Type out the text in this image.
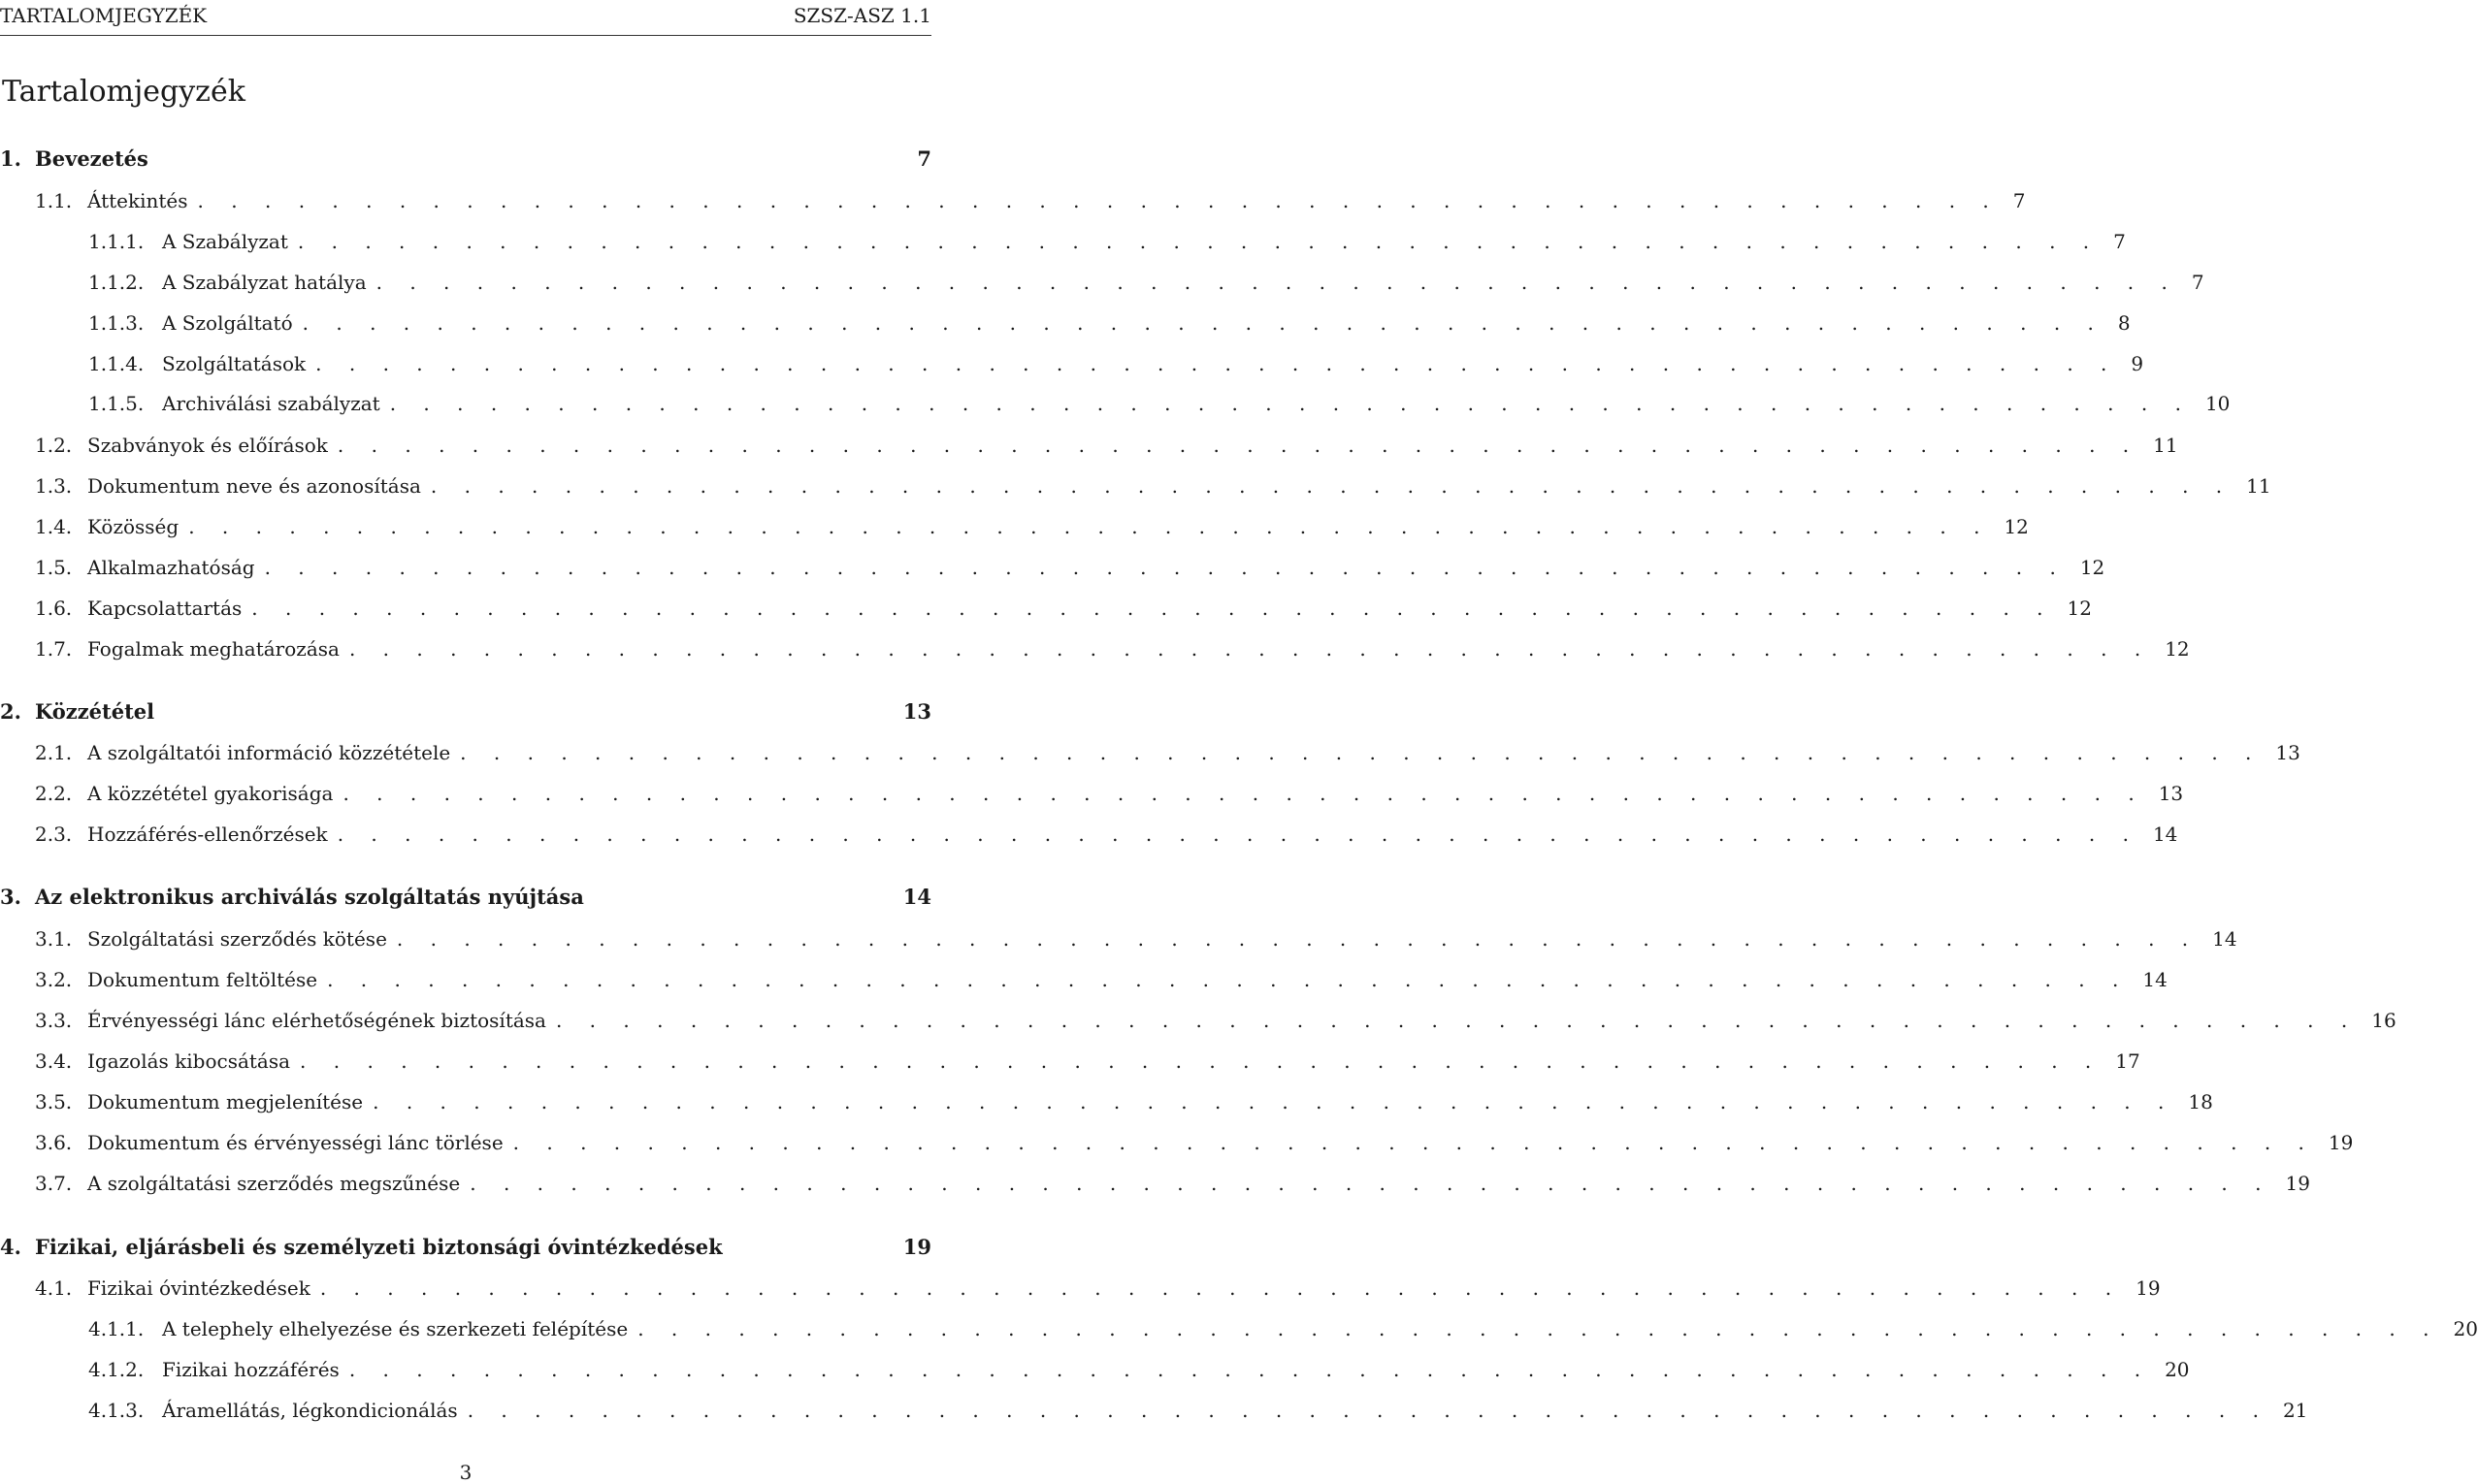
TARTALOMJEGYZÉK	SZSZ-ASZ 1.1
Tartalomjegyzék
1. Bevezetés	7
1.1. Áttekintés . . . . . . . . . . . . . . . . . . . . . . . . . . . . . . . . . . . . . . . . . . . . . . . . . . . . . . 7
1.1.1. A Szabályzat . . . . . . . . . . . . . . . . . . . . . . . . . . . . . . . . . . . . . . . . . . . . . . . . . . . . . . 7
1.1.2. A Szabályzat hatálya . . . . . . . . . . . . . . . . . . . . . . . . . . . . . . . . . . . . . . . . . . . . . . . . . . . . . . 7
1.1.3. A Szolgáltató . . . . . . . . . . . . . . . . . . . . . . . . . . . . . . . . . . . . . . . . . . . . . . . . . . . . . . 8
1.1.4. Szolgáltatások . . . . . . . . . . . . . . . . . . . . . . . . . . . . . . . . . . . . . . . . . . . . . . . . . . . . . . 9
1.1.5. Archiválási szabályzat . . . . . . . . . . . . . . . . . . . . . . . . . . . . . . . . . . . . . . . . . . . . . . . . . . . . . . 10
1.2. Szabványok és előírások . . . . . . . . . . . . . . . . . . . . . . . . . . . . . . . . . . . . . . . . . . . . . . . . . . . . . . 11
1.3. Dokumentum neve és azonosítása . . . . . . . . . . . . . . . . . . . . . . . . . . . . . . . . . . . . . . . . . . . . . . . . . . . . . . 11
1.4. Közösség . . . . . . . . . . . . . . . . . . . . . . . . . . . . . . . . . . . . . . . . . . . . . . . . . . . . . . 12
1.5. Alkalmazhatóság . . . . . . . . . . . . . . . . . . . . . . . . . . . . . . . . . . . . . . . . . . . . . . . . . . . . . . 12
1.6. Kapcsolattartás . . . . . . . . . . . . . . . . . . . . . . . . . . . . . . . . . . . . . . . . . . . . . . . . . . . . . . 12
1.7. Fogalmak meghatározása . . . . . . . . . . . . . . . . . . . . . . . . . . . . . . . . . . . . . . . . . . . . . . . . . . . . . . 12
2. Közzététel	13
2.1. A szolgáltatói információ közzététele . . . . . . . . . . . . . . . . . . . . . . . . . . . . . . . . . . . . . . . . . . . . . . . . . . . . . . 13
2.2. A közzététel gyakorisága . . . . . . . . . . . . . . . . . . . . . . . . . . . . . . . . . . . . . . . . . . . . . . . . . . . . . . 13
2.3. Hozzáférés-ellenőrzések . . . . . . . . . . . . . . . . . . . . . . . . . . . . . . . . . . . . . . . . . . . . . . . . . . . . . . 14
3. Az elektronikus archiválás szolgáltatás nyújtása	14
3.1. Szolgáltatási szerződés kötése . . . . . . . . . . . . . . . . . . . . . . . . . . . . . . . . . . . . . . . . . . . . . . . . . . . . . . 14
3.2. Dokumentum feltöltése . . . . . . . . . . . . . . . . . . . . . . . . . . . . . . . . . . . . . . . . . . . . . . . . . . . . . . 14
3.3. Érvényességi lánc elérhetőségének biztosítása . . . . . . . . . . . . . . . . . . . . . . . . . . . . . . . . . . . . . . . . . . . . . . . . . . . . . . 16
3.4. Igazolás kibocsátása . . . . . . . . . . . . . . . . . . . . . . . . . . . . . . . . . . . . . . . . . . . . . . . . . . . . . . 17
3.5. Dokumentum megjelenítése . . . . . . . . . . . . . . . . . . . . . . . . . . . . . . . . . . . . . . . . . . . . . . . . . . . . . . 18
3.6. Dokumentum és érvényességi lánc törlése . . . . . . . . . . . . . . . . . . . . . . . . . . . . . . . . . . . . . . . . . . . . . . . . . . . . . . 19
3.7. A szolgáltatási szerződés megszűnése . . . . . . . . . . . . . . . . . . . . . . . . . . . . . . . . . . . . . . . . . . . . . . . . . . . . . . 19
4. Fizikai, eljárásbeli és személyzeti biztonsági óvintézkedések	19
4.1. Fizikai óvintézkedések . . . . . . . . . . . . . . . . . . . . . . . . . . . . . . . . . . . . . . . . . . . . . . . . . . . . . . 19
4.1.1. A telephely elhelyezése és szerkezeti felépítése . . . . . . . . . . . . . . . . . . . . . . . . . . . . . . . . . . . . . . . . . . . . . . . . . . . . . . 20
4.1.2. Fizikai hozzáférés . . . . . . . . . . . . . . . . . . . . . . . . . . . . . . . . . . . . . . . . . . . . . . . . . . . . . . 20
4.1.3. Áramellátás, légkondicionálás . . . . . . . . . . . . . . . . . . . . . . . . . . . . . . . . . . . . . . . . . . . . . . . . . . . . . . 21
3
